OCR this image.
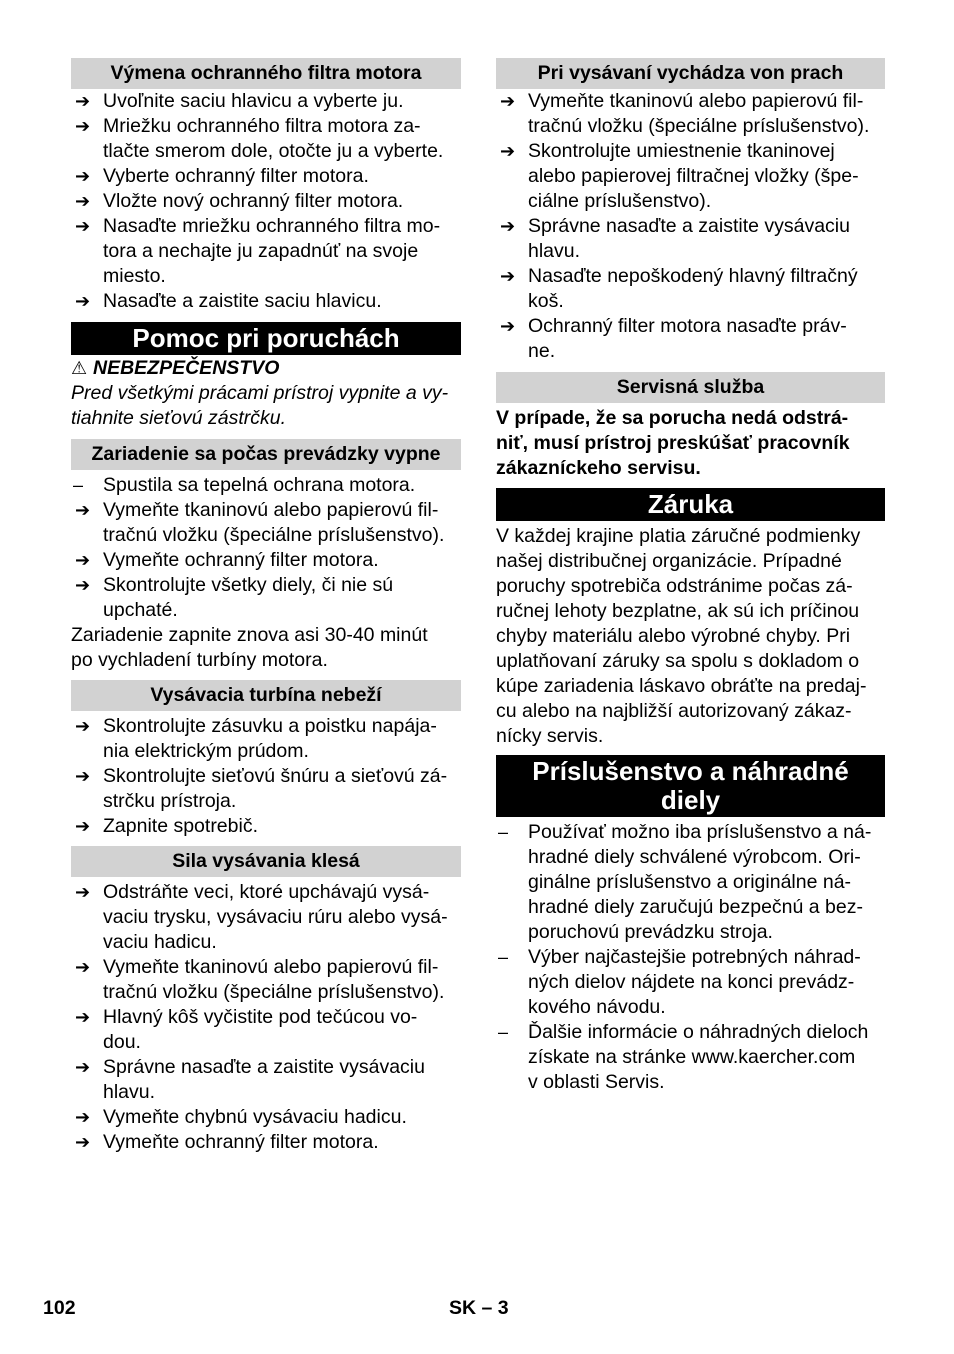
Výmena ochranného filtra motora
➔ Uvoľnite saciu hlavicu a vyberte ju.
➔ Mriežku ochranného filtra motora za-
tlačte smerom dole, otočte ju a vyberte.
➔ Vyberte ochranný filter motora.
➔ Vložte nový ochranný filter motora.
➔ Nasaďte mriežku ochranného filtra mo-
tora a nechajte ju zapadnúť na svoje
miesto.
➔ Nasaďte a zaistite saciu hlavicu.
Pomoc pri poruchách
⚠ NEBEZPEČENSTVO

Pred všetkými prácami prístroj vypnite a vy-
tiahnite sieťovú zástrčku.

Zariadenie sa počas prevádzky vypne
–	Spustila sa tepelná ochrana motora.
➔ Vymeňte tkaninovú alebo papierovú fil-
tračnú vložku (špeciálne príslušenstvo).
➔ Vymeňte ochranný filter motora.
➔ Skontrolujte všetky diely, či nie sú
upchaté.

Zariadenie zapnite znova asi 30-40 minút
po vychladení turbíny motora.

Vysávacia turbína nebeží
➔ Skontrolujte zásuvku a poistku napája-
nia elektrickým prúdom.
➔ Skontrolujte sieťovú šnúru a sieťovú zá-
strčku prístroja.
➔ Zapnite spotrebič.
Sila vysávania klesá
➔ Odstráňte veci, ktoré upchávajú vysá-
vaciu trysku, vysávaciu rúru alebo vysá-
vaciu hadicu.
➔ Vymeňte tkaninovú alebo papierovú fil-
tračnú vložku (špeciálne príslušenstvo).
➔ Hlavný kôš vyčistite pod tečúcou vo-
dou.
➔ Správne nasaďte a zaistite vysávaciu
hlavu.
➔ Vymeňte chybnú vysávaciu hadicu.
➔ Vymeňte ochranný filter motora.
Pri vysávaní vychádza von prach
➔ Vymeňte tkaninovú alebo papierovú fil-
tračnú vložku (špeciálne príslušenstvo).
➔ Skontrolujte umiestnenie tkaninovej
alebo papierovej filtračnej vložky (špe-
ciálne príslušenstvo).
➔ Správne nasaďte a zaistite vysávaciu
hlavu.
➔ Nasaďte nepoškodený hlavný filtračný
koš.
➔ Ochranný filter motora nasaďte práv-
ne.
Servisná služba

V prípade, že sa porucha nedá odstrá-
niť, musí prístroj preskúšať pracovník
zákazníckeho servisu.

Záruka

V každej krajine platia záručné podmienky
našej distribučnej organizácie. Prípadné
poruchy spotrebiča odstránime počas zá-
ručnej lehoty bezplatne, ak sú ich príčinou
chyby materiálu alebo výrobné chyby. Pri
uplatňovaní záruky sa spolu s dokladom o
kúpe zariadenia láskavo obráťte na predaj-
cu alebo na najbližší autorizovaný zákaz-
nícky servis.

Príslušenstvo a náhradné diely
–	Používať možno iba príslušenstvo a ná-
hradné diely schválené výrobcom. Ori-
ginálne príslušenstvo a originálne ná-
hradné diely zaručujú bezpečnú a bez-
poruchovú prevádzku stroja.
–	Výber najčastejšie potrebných náhrad-
ných dielov nájdete na konci prevádz-
kového návodu.
–	Ďalšie informácie o náhradných dieloch
získate na stránke www.kaercher.com
v oblasti Servis.
102	SK – 3
